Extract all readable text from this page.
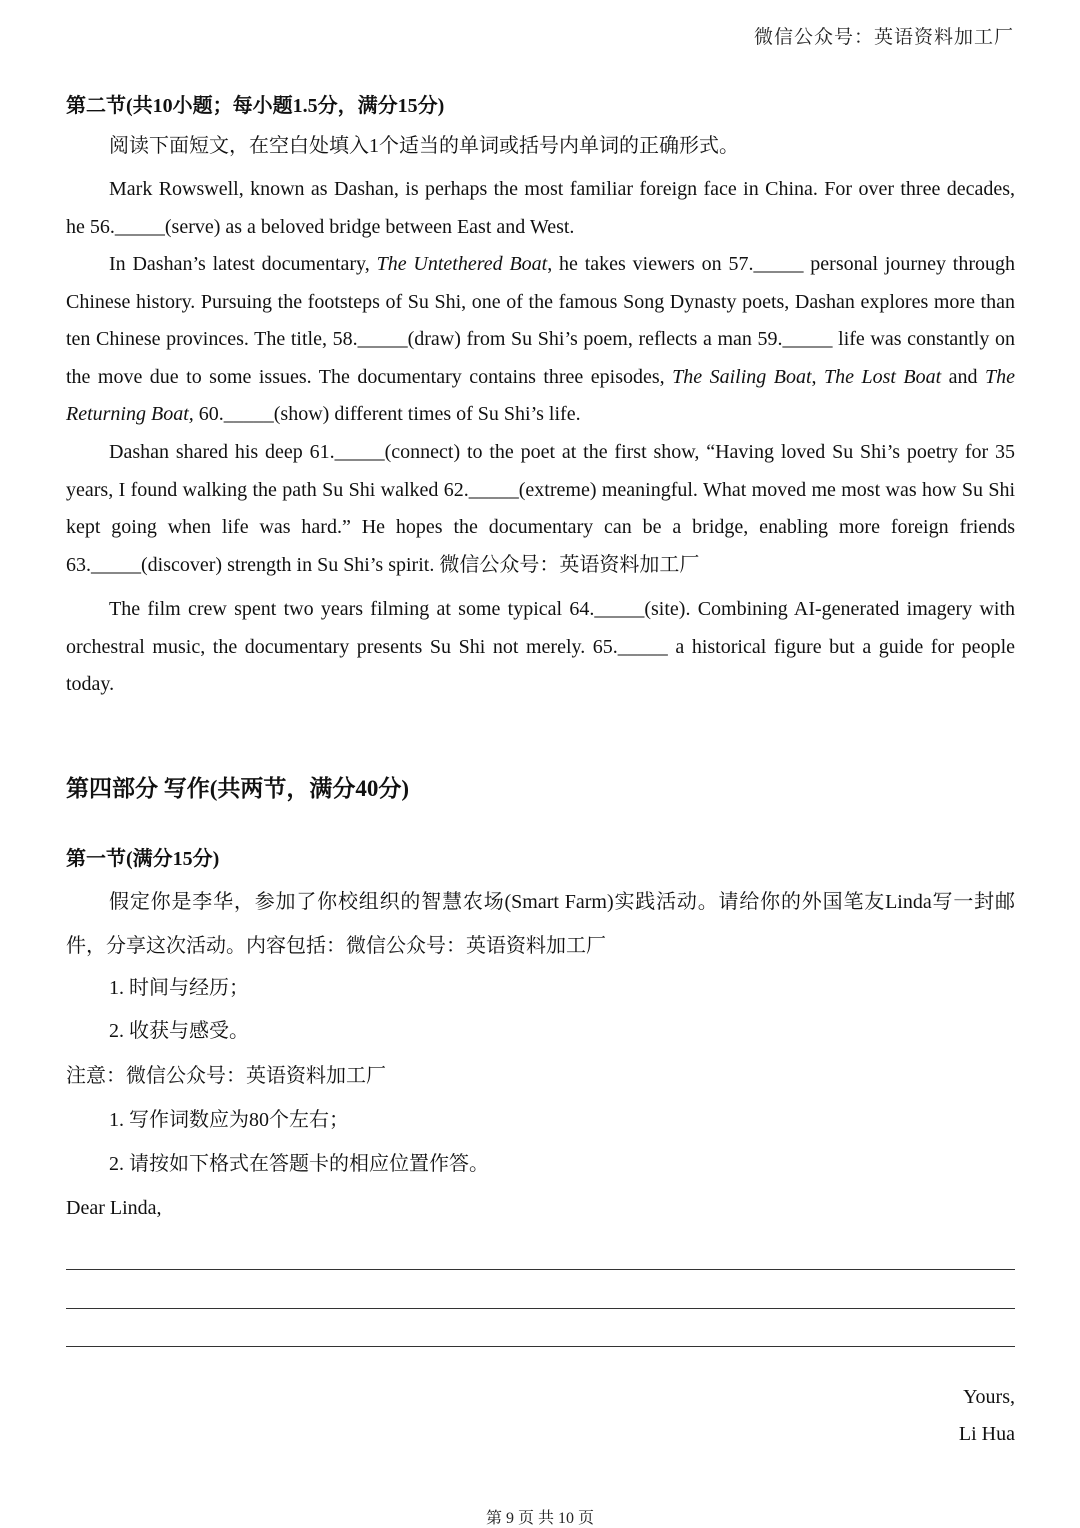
微信公众号：英语资料加工厂
第二节(共10小题；每小题1.5分，满分15分)
阅读下面短文，在空白处填入1个适当的单词或括号内单词的正确形式。

Mark Rowswell, known as Dashan, is perhaps the most familiar foreign face in China. For over three decades, he 56._____(serve) as a beloved bridge between East and West.

In Dashan’s latest documentary, The Untethered Boat, he takes viewers on 57._____ personal journey through Chinese history. Pursuing the footsteps of Su Shi, one of the famous Song Dynasty poets, Dashan explores more than ten Chinese provinces. The title, 58._____(draw) from Su Shi’s poem, reflects a man 59._____ life was constantly on the move due to some issues. The documentary contains three episodes, The Sailing Boat, The Lost Boat and The Returning Boat, 60._____(show) different times of Su Shi’s life.

Dashan shared his deep 61._____(connect) to the poet at the first show, “Having loved Su Shi’s poetry for 35 years, I found walking the path Su Shi walked 62._____(extreme) meaningful. What moved me most was how Su Shi kept going when life was hard.” He hopes the documentary can be a bridge, enabling more foreign friends 63._____(discover) strength in Su Shi’s spirit. 微信公众号：英语资料加工厂

The film crew spent two years filming at some typical 64._____(site). Combining AI-generated imagery with orchestral music, the documentary presents Su Shi not merely. 65._____ a historical figure but a guide for people today.

第四部分 写作(共两节，满分40分)
第一节(满分15分)

假定你是李华，参加了你校组织的智慧农场(Smart Farm)实践活动。请给你的外国笔友Linda写一封邮件，分享这次活动。内容包括：微信公众号：英语资料加工厂

1. 时间与经历；
2. 收获与感受。
注意：微信公众号：英语资料加工厂
1. 写作词数应为80个左右；
2. 请按如下格式在答题卡的相应位置作答。
Dear Linda,
Yours,
Li Hua
第 9 页 共 10 页
